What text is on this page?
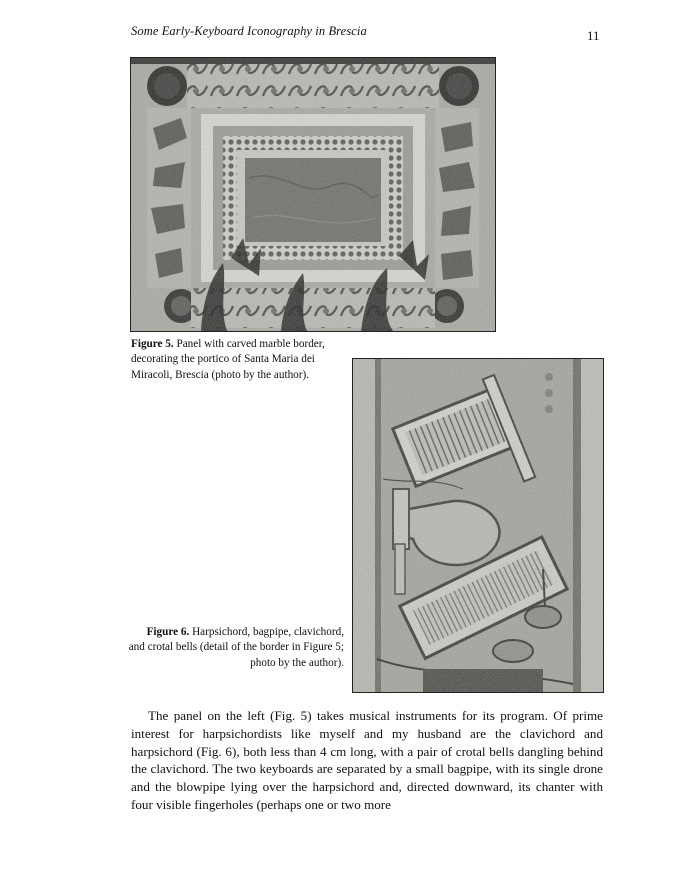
Some Early-Keyboard Iconography in Brescia	11
Figure 5. Panel with carved marble border, decorating the portico of Santa Maria dei Miracoli, Brescia (photo by the author).
Figure 6. Harpsichord, bagpipe, clavichord, and crotal bells (detail of the border in Figure 5; photo by the author).

The panel on the left (Fig. 5) takes musical instruments for its program. Of prime interest for harpsichordists like myself and my husband are the clavichord and harpsichord (Fig. 6), both less than 4 cm long, with a pair of crotal bells dangling behind the clavichord. The two keyboards are separated by a small bagpipe, with its single drone and the blowpipe lying over the harpsichord and, directed downward, its chanter with four visible fingerholes (perhaps one or two more
